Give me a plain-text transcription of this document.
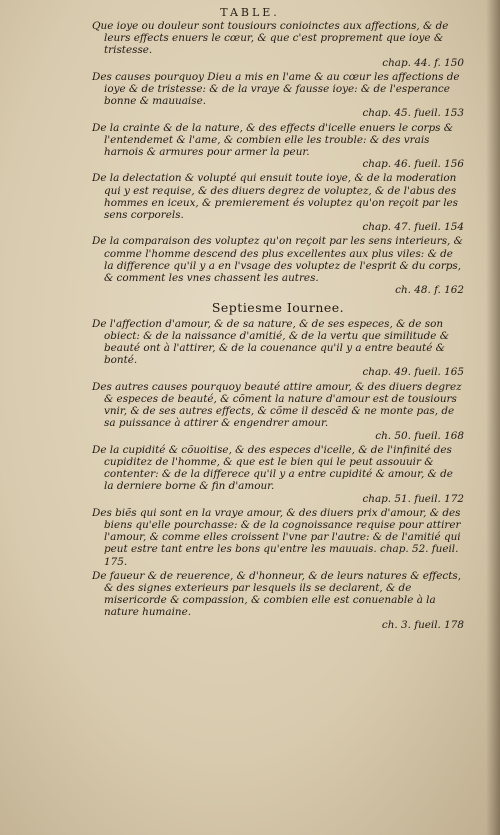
TABLE.
Que ioye ou douleur sont tousiours conioinctes aux affections, & de leurs effects enuers le cœur, & que c'est proprement que ioye & tristesse.
chap. 44. f. 150
Des causes pourquoy Dieu a mis en l'ame & au cœur les affections de ioye & de tristesse: & de la vraye & fausse ioye: & de l'esperance bonne & mauuaise.
chap. 45. fueil. 153
De la crainte & de la nature, & des effects d'icelle enuers le corps & l'entendemet & l'ame, & combien elle les trouble: & des vrais harnois & armures pour armer la peur.
chap. 46. fueil. 156
De la delectation & volupté qui ensuit toute ioye, & de la moderation qui y est requise, & des diuers degrez de voluptez, & de l'abus des hommes en iceux, & premierement és voluptez qu'on reçoit par les sens corporels.
chap. 47. fueil. 154
De la comparaison des voluptez qu'on reçoit par les sens interieurs, & comme l'homme descend des plus excellentes aux plus viles: & de la difference qu'il y a en l'vsage des voluptez de l'esprit & du corps, & comment les vnes chassent les autres.
ch. 48. f. 162
Septiesme Iournee.
De l'affection d'amour, & de sa nature, & de ses especes, & de son obiect: & de la naissance d'amitié, & de la vertu que similitude & beauté ont à l'attirer, & de la couenance qu'il y a entre beauté & bonté.
chap. 49. fueil. 165
Des autres causes pourquoy beauté attire amour, & des diuers degrez & especes de beauté, & cõment la nature d'amour est de tousiours vnir, & de ses autres effects, & cõme il descẽd & ne monte pas, de sa puissance à attirer & engendrer amour.
ch. 50. fueil. 168
De la cupidité & cõuoitise, & des especes d'icelle, & de l'infinité des cupiditez de l'homme, & que est le bien qui le peut assouuir & contenter: & de la differece qu'il y a entre cupidité & amour, & de la derniere borne & fin d'amour.
chap. 51. fueil. 172
Des biẽs qui sont en la vraye amour, & des diuers prix d'amour, & des biens qu'elle pourchasse: & de la cognoissance requise pour attirer l'amour, & comme elles croissent l'vne par l'autre: & de l'amitié qui peut estre tant entre les bons qu'entre les mauuais. chap. 52. fueil. 175.
De faueur & de reuerence, & d'honneur, & de leurs natures & effects, & des signes exterieurs par lesquels ils se declarent, & de misericorde & compassion, & combien elle est conuenable à la nature humaine.
ch. 3. fueil. 178
